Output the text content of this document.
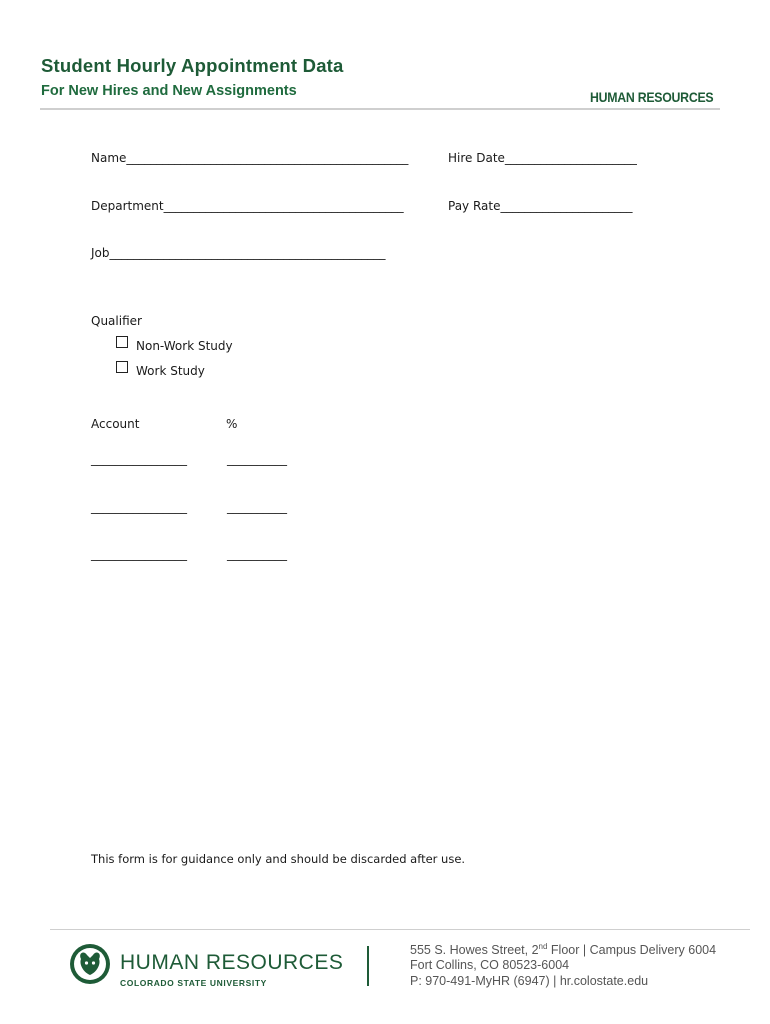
Student Hourly Appointment Data
For New Hires and New Assignments	HUMAN RESOURCES
Name_______________________________________________	Hire Date______________________
Department________________________________________	Pay Rate______________________
Job______________________________________________
Qualifier
Non-Work Study
Work Study
Account	%
________________	__________
________________	__________
________________	__________
This form is for guidance only and should be discarded after use.
HUMAN RESOURCES
COLORADO STATE UNIVERSITY
555 S. Howes Street, 2nd Floor | Campus Delivery 6004
Fort Collins, CO 80523-6004
P: 970-491-MyHR (6947) | hr.colostate.edu
